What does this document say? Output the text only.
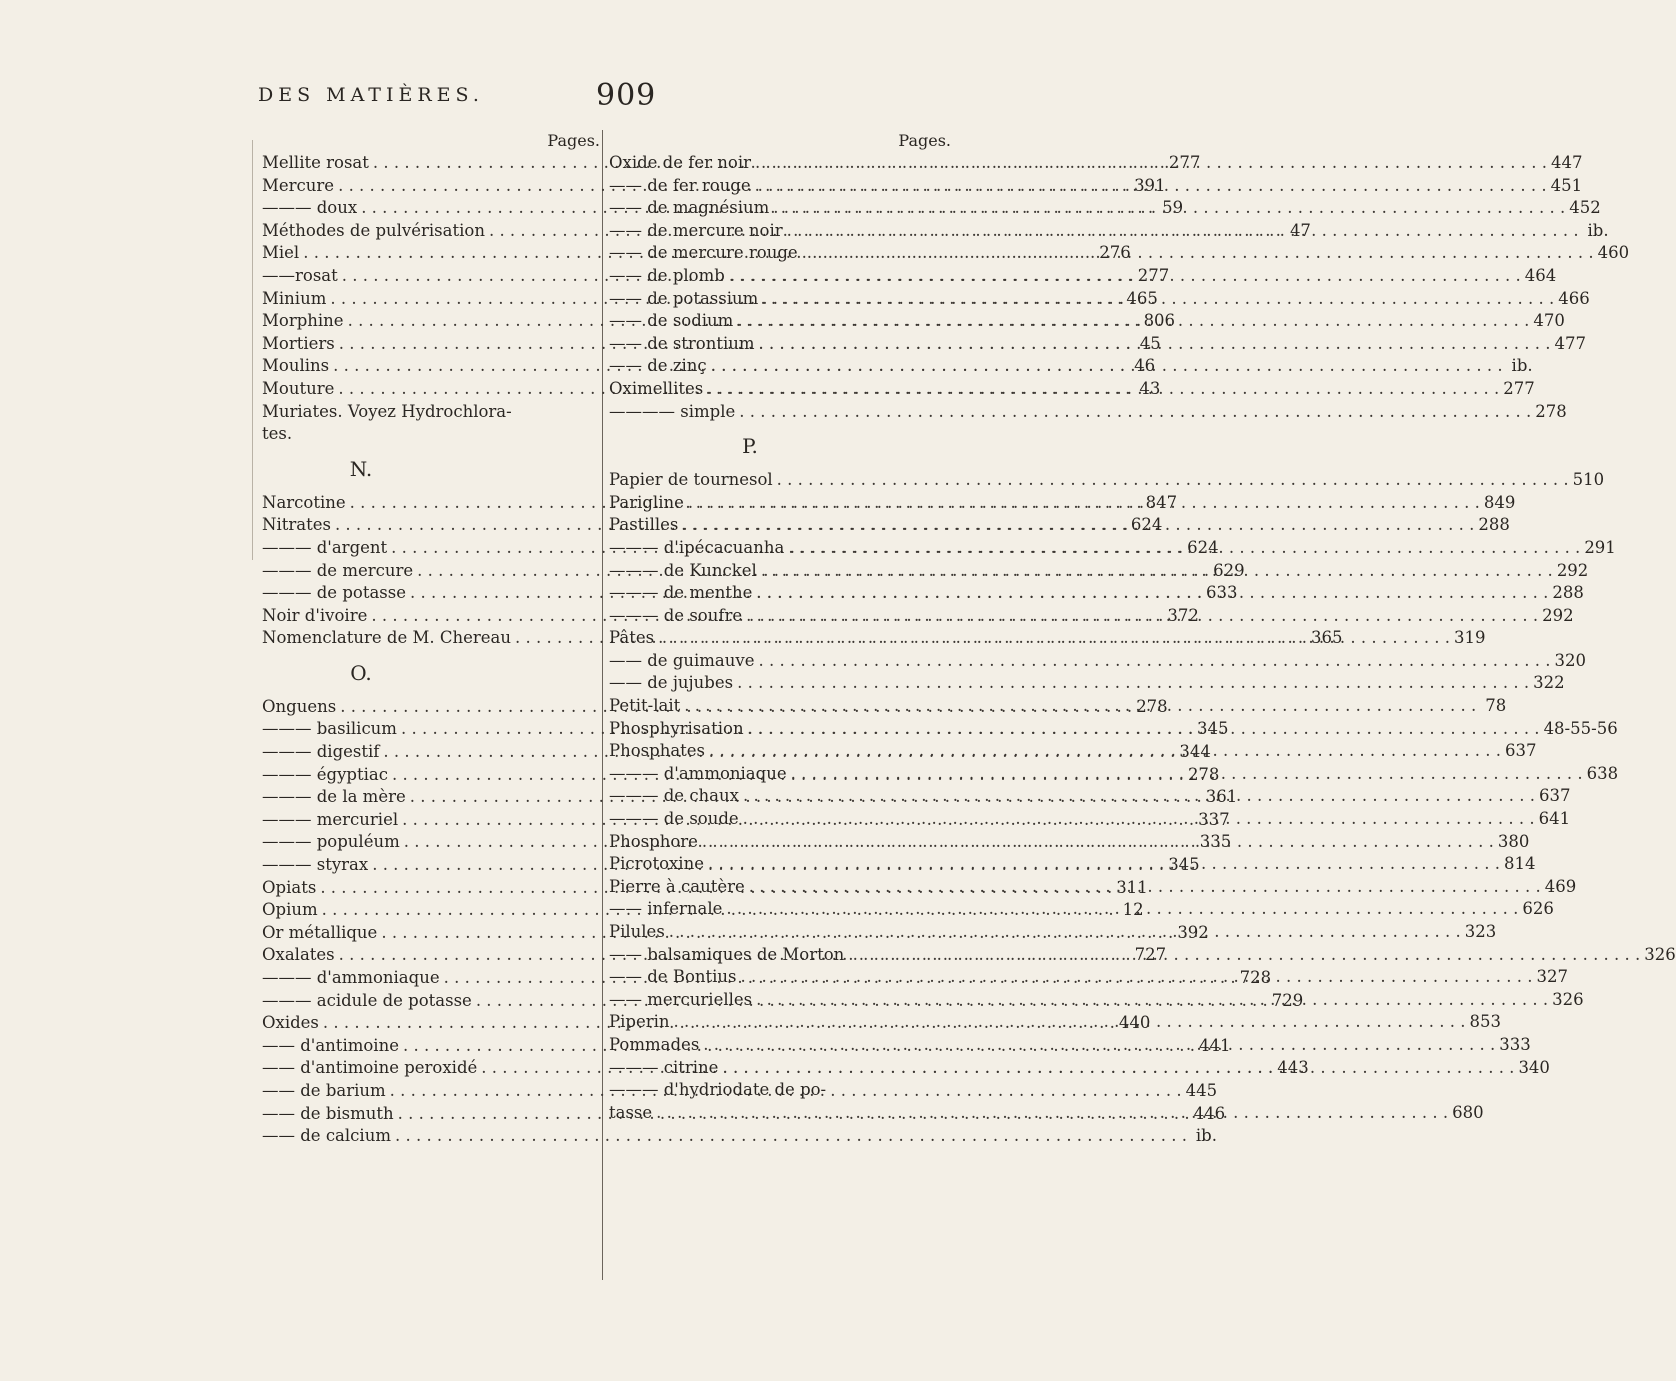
DES MATIÈRES.	909
Pages.
Mellite rosat . . .	277
Mercure . . .	391
——— doux . . .	59
Méthodes de pulvérisation . . .	47
Miel . . .	276
——rosat . . .	277
Minium . . .	465
Morphine . . .	806
Mortiers . . .	45
Moulins . . .	46
Mouture . . .	43
Muriates. Voyez Hydrochlora-
tes.
N.
Narcotine . . .	847
Nitrates . . .	624
——— d'argent . . .	624
——— de mercure . . .	629
——— de potasse . . .	633
Noir d'ivoire . . .	372
Nomenclature de M. Chereau . . .	365
O.
Onguens . . .	278
——— basilicum . . .	345
——— digestif . . .	344
——— égyptiac . . .	278
——— de la mère . . .	361
——— mercuriel . . .	337
——— populéum . . .	335
——— styrax . . .	345
Opiats . . .	311
Opium . . .	12
Or métallique . . .	392
Oxalates . . .	727
——— d'ammoniaque . . .	728
——— acidule de potasse . . .	729
Oxides . . .	440
—— d'antimoine . . .	441
—— d'antimoine peroxidé . . .	443
—— de barium . . .	445
—— de bismuth . . .	446
—— de calcium . . .	ib.
Pages.
Oxide de fer noir . . .	447
—— de fer rouge . . .	451
—— de magnésium . . .	452
—— de mercure noir . . .	ib.
—— de mercure rouge . . .	460
—— de plomb . . .	464
—— de potassium . . .	466
—— de sodium . . .	470
—— de strontium . . .	477
—— de zinç . . .	ib.
Oximellites . . .	277
———— simple . . .	278
P.
Papier de tournesol . . .	510
Parigline . . .	849
Pastilles . . .	288
——— d'ipécacuanha . . .	291
——— de Kunckel . . .	292
——— de menthe . . .	288
——— de soufre . . .	292
Pâtes . . .	319
—— de guimauve . . .	320
—— de jujubes . . .	322
Petit-lait . . .	78
Phosphyrisation . . .	48-55-56
Phosphates . . .	637
——— d'ammoniaque . . .	638
——— de chaux . . .	637
——— de soude . . .	641
Phosphore . . .	380
Picrotoxine . . .	814
Pierre à cautère . . .	469
—— infernale . . .	626
Pilules . . .	323
—— balsamiques de Morton . . .	326
—— de Bontius . . .	327
—— mercurielles . . .	326
Piperin . . .	853
Pommades . . .	333
——— citrine . . .	340
——— d'hydriodate de po-
tasse . . .	680
